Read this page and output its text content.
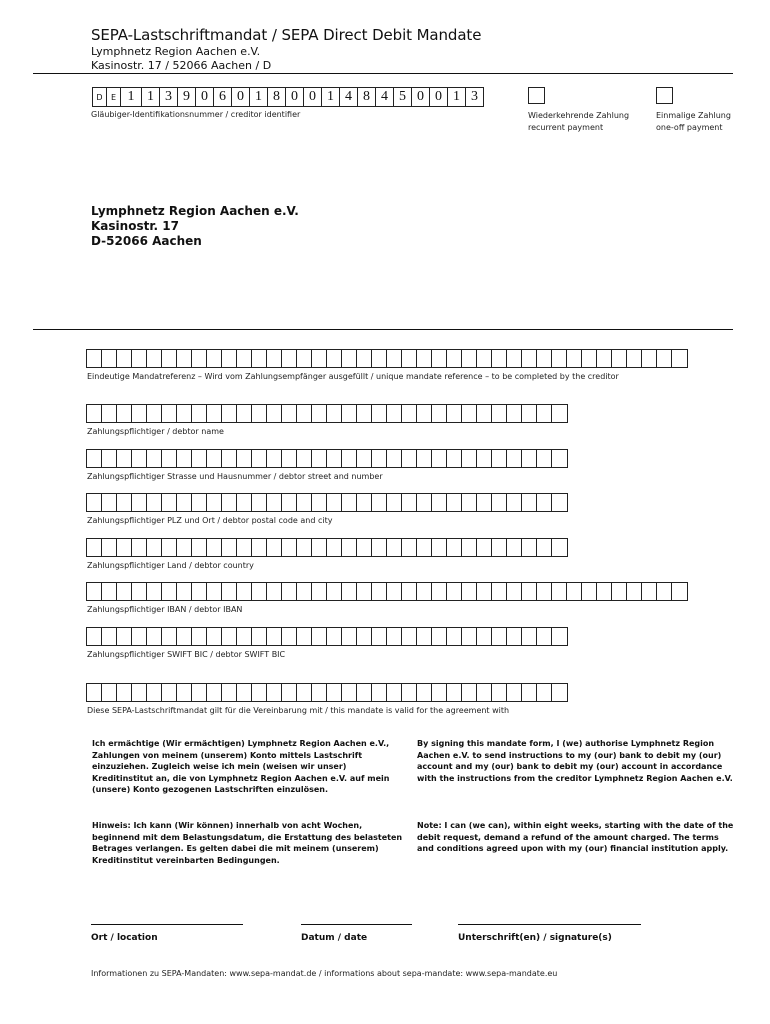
SEPA-Lastschriftmandat / SEPA Direct Debit Mandate
Lymphnetz Region Aachen e.V.
Kasinostr. 17 / 52066 Aachen / D
D	E 1 1 3 9 0 6 0 1 8 0 0 1 4 8 4 5 0 0 1 3
Gläubiger-Identifikationsnummer / creditor identifier	Wiederkehrende Zahlung
recurrent payment
Einmalige Zahlung
one-off payment
Lymphnetz Region Aachen e.V.
Kasinostr. 17
D-52066 Aachen
Eindeutige Mandatreferenz – Wird vom Zahlungsempfänger ausgefüllt / unique mandate reference – to be completed by the creditor
Zahlungspflichtiger / debtor name
Zahlungspflichtiger Strasse und Hausnummer / debtor street and number
Zahlungspflichtiger PLZ und Ort / debtor postal code and city
Zahlungspflichtiger Land / debtor country
Zahlungspflichtiger IBAN / debtor IBAN
Zahlungspflichtiger SWIFT BIC / debtor SWIFT BIC
Diese SEPA-Lastschriftmandat gilt für die Vereinbarung mit / this mandate is valid for the agreement with
Ich ermächtige (Wir ermächtigen) Lymphnetz Region Aachen e.V., Zahlungen von meinem (unserem) Konto mittels Lastschrift einzuziehen. Zugleich weise ich mein (weisen wir unser) Kreditinstitut an, die von Lymphnetz Region Aachen e.V. auf mein (unsere) Konto gezogenen Lastschriften einzulösen.
By signing this mandate form, I (we) authorise Lymphnetz Region Aachen e.V. to send instructions to my (our) bank to debit my (our) account and my (our) bank to debit my (our) account in accordance with the instructions from the creditor Lymphnetz Region Aachen e.V.
Hinweis: Ich kann (Wir können) innerhalb von acht Wochen, beginnend mit dem Belastungsdatum, die Erstattung des belasteten Betrages verlangen. Es gelten dabei die mit meinem (unserem) Kreditinstitut vereinbarten Bedingungen.
Note: I can (we can), within eight weeks, starting with the date of the debit request, demand a refund of the amount charged. The terms and conditions agreed upon with my (our) financial institution apply.
Ort / location	Datum / date	Unterschrift(en) / signature(s)
Informationen zu SEPA-Mandaten: www.sepa-mandat.de / informations about sepa-mandate: www.sepa-mandate.eu
